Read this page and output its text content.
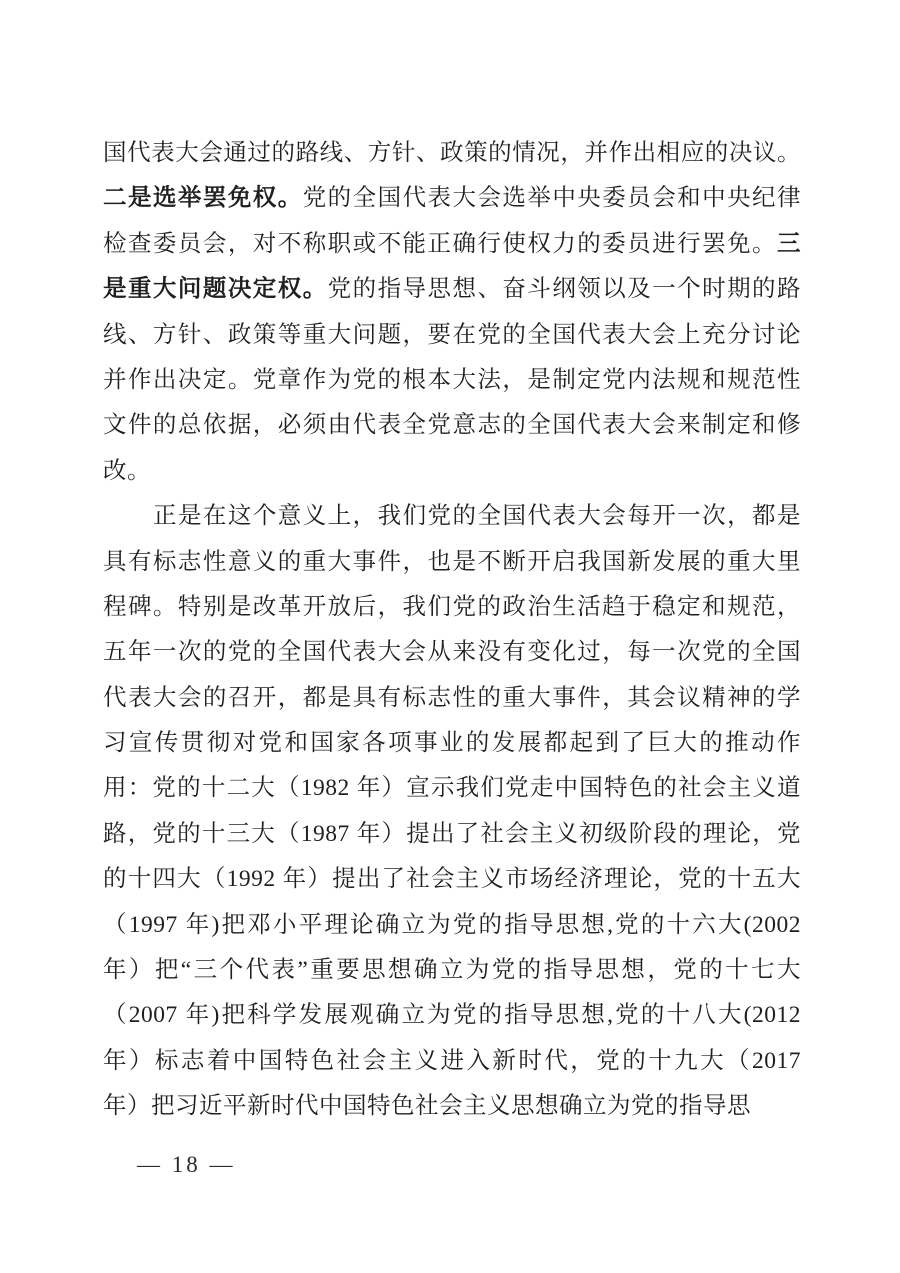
国代表大会通过的路线、方针、政策的情况，并作出相应的决议。
二是选举罢免权。党的全国代表大会选举中央委员会和中央纪律
检查委员会，对不称职或不能正确行使权力的委员进行罢免。三
是重大问题决定权。党的指导思想、奋斗纲领以及一个时期的路
线、方针、政策等重大问题，要在党的全国代表大会上充分讨论
并作出决定。党章作为党的根本大法，是制定党内法规和规范性
文件的总依据，必须由代表全党意志的全国代表大会来制定和修
改。
正是在这个意义上，我们党的全国代表大会每开一次，都是
具有标志性意义的重大事件，也是不断开启我国新发展的重大里
程碑。特别是改革开放后，我们党的政治生活趋于稳定和规范，
五年一次的党的全国代表大会从来没有变化过，每一次党的全国
代表大会的召开，都是具有标志性的重大事件，其会议精神的学
习宣传贯彻对党和国家各项事业的发展都起到了巨大的推动作
用：党的十二大（1982 年）宣示我们党走中国特色的社会主义道
路，党的十三大（1987 年）提出了社会主义初级阶段的理论，党
的十四大（1992 年）提出了社会主义市场经济理论，党的十五大
（1997 年)把邓小平理论确立为党的指导思想,党的十六大(2002
年）把“三个代表”重要思想确立为党的指导思想，党的十七大
（2007 年)把科学发展观确立为党的指导思想,党的十八大(2012
年）标志着中国特色社会主义进入新时代，党的十九大（2017
年）把习近平新时代中国特色社会主义思想确立为党的指导思
— 18 —
